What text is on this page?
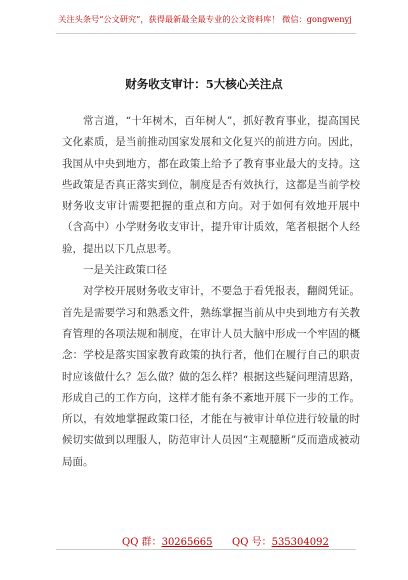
关注头条号“公文研究”，获得最新最全最专业的公文资料库！ 微信：gongwenyj
财务收支审计：5大核心关注点

常言道，“十年树木，百年树人”，抓好教育事业，提高国民文化素质，是当前推动国家发展和文化复兴的前进方向。因此，我国从中央到地方，都在政策上给予了教育事业最大的支持。这些政策是否真正落实到位，制度是否有效执行，这都是当前学校财务收支审计需要把握的重点和方向。对于如何有效地开展中（含高中）小学财务收支审计，提升审计质效，笔者根据个人经验，提出以下几点思考。

一是关注政策口径

对学校开展财务收支审计，不要急于看凭报表，翻阅凭证。首先是需要学习和熟悉文件，熟练掌握当前从中央到地方有关教育管理的各项法规和制度，在审计人员大脑中形成一个牢固的概念：学校是落实国家教育政策的执行者，他们在履行自己的职责时应该做什么？怎么做？做的怎么样？根据这些疑问理清思路，形成自己的工作方向，这样才能有条不紊地开展下一步的工作。所以，有效地掌握政策口径，才能在与被审计单位进行较量的时候切实做到以理服人，防范审计人员因“主观臆断”反而造成被动局面。

QQ 群：30265665 QQ 号：535304092
